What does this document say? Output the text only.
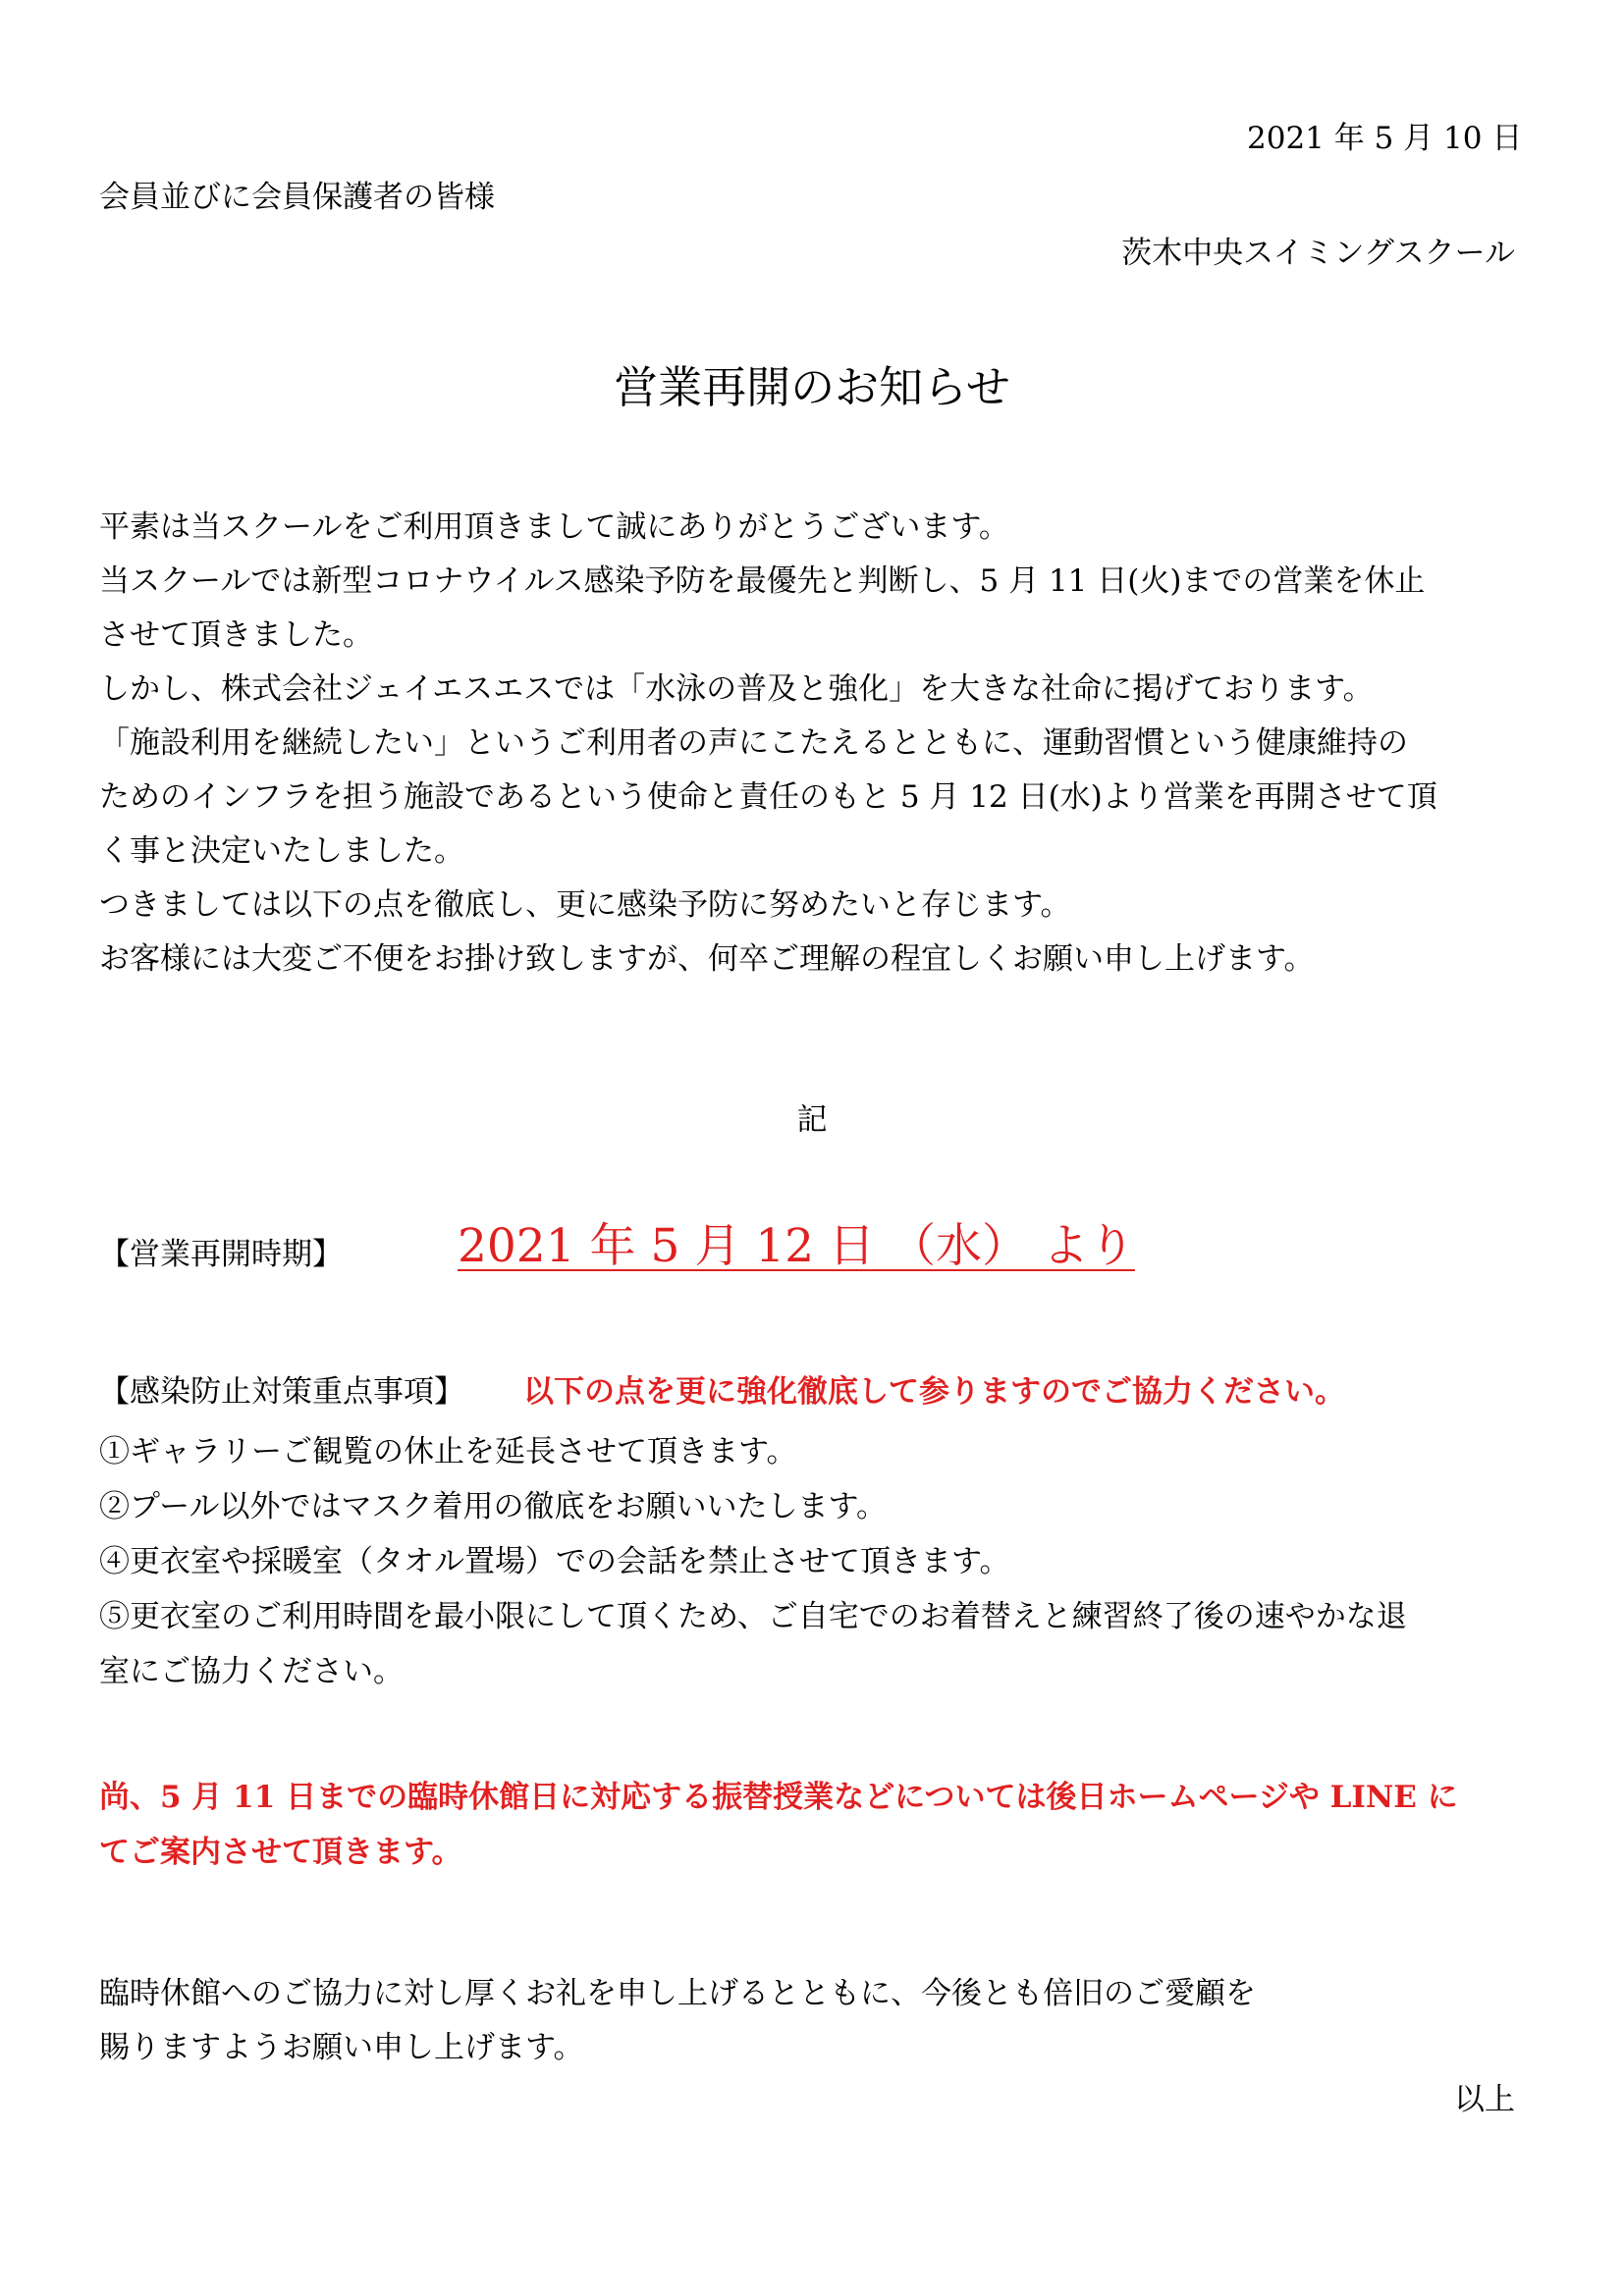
2021 年 5 月 10 日
会員並びに会員保護者の皆様
茨木中央スイミングスクール
営業再開のお知らせ
平素は当スクールをご利用頂きまして誠にありがとうございます。
当スクールでは新型コロナウイルス感染予防を最優先と判断し、5 月 11 日(火)までの営業を休止
させて頂きました。
しかし、株式会社ジェイエスエスでは「水泳の普及と強化」を大きな社命に掲げております。
「施設利用を継続したい」というご利用者の声にこたえるとともに、運動習慣という健康維持の
ためのインフラを担う施設であるという使命と責任のもと 5 月 12 日(水)より営業を再開させて頂
く事と決定いたしました。
つきましては以下の点を徹底し、更に感染予防に努めたいと存じます。
お客様には大変ご不便をお掛け致しますが、何卒ご理解の程宜しくお願い申し上げます。
記
【営業再開時期】 2021 年 5 月 12 日 （水） より
【感染防止対策重点事項】 以下の点を更に強化徹底して参りますのでご協力ください。
①ギャラリーご観覧の休止を延長させて頂きます。
②プール以外ではマスク着用の徹底をお願いいたします。
④更衣室や採暖室（タオル置場）での会話を禁止させて頂きます。
⑤更衣室のご利用時間を最小限にして頂くため、ご自宅でのお着替えと練習終了後の速やかな退
室にご協力ください。
尚、5 月 11 日までの臨時休館日に対応する振替授業などについては後日ホームページや LINE に
てご案内させて頂きます。
臨時休館へのご協力に対し厚くお礼を申し上げるとともに、今後とも倍旧のご愛顧を
賜りますようお願い申し上げます。
以上
